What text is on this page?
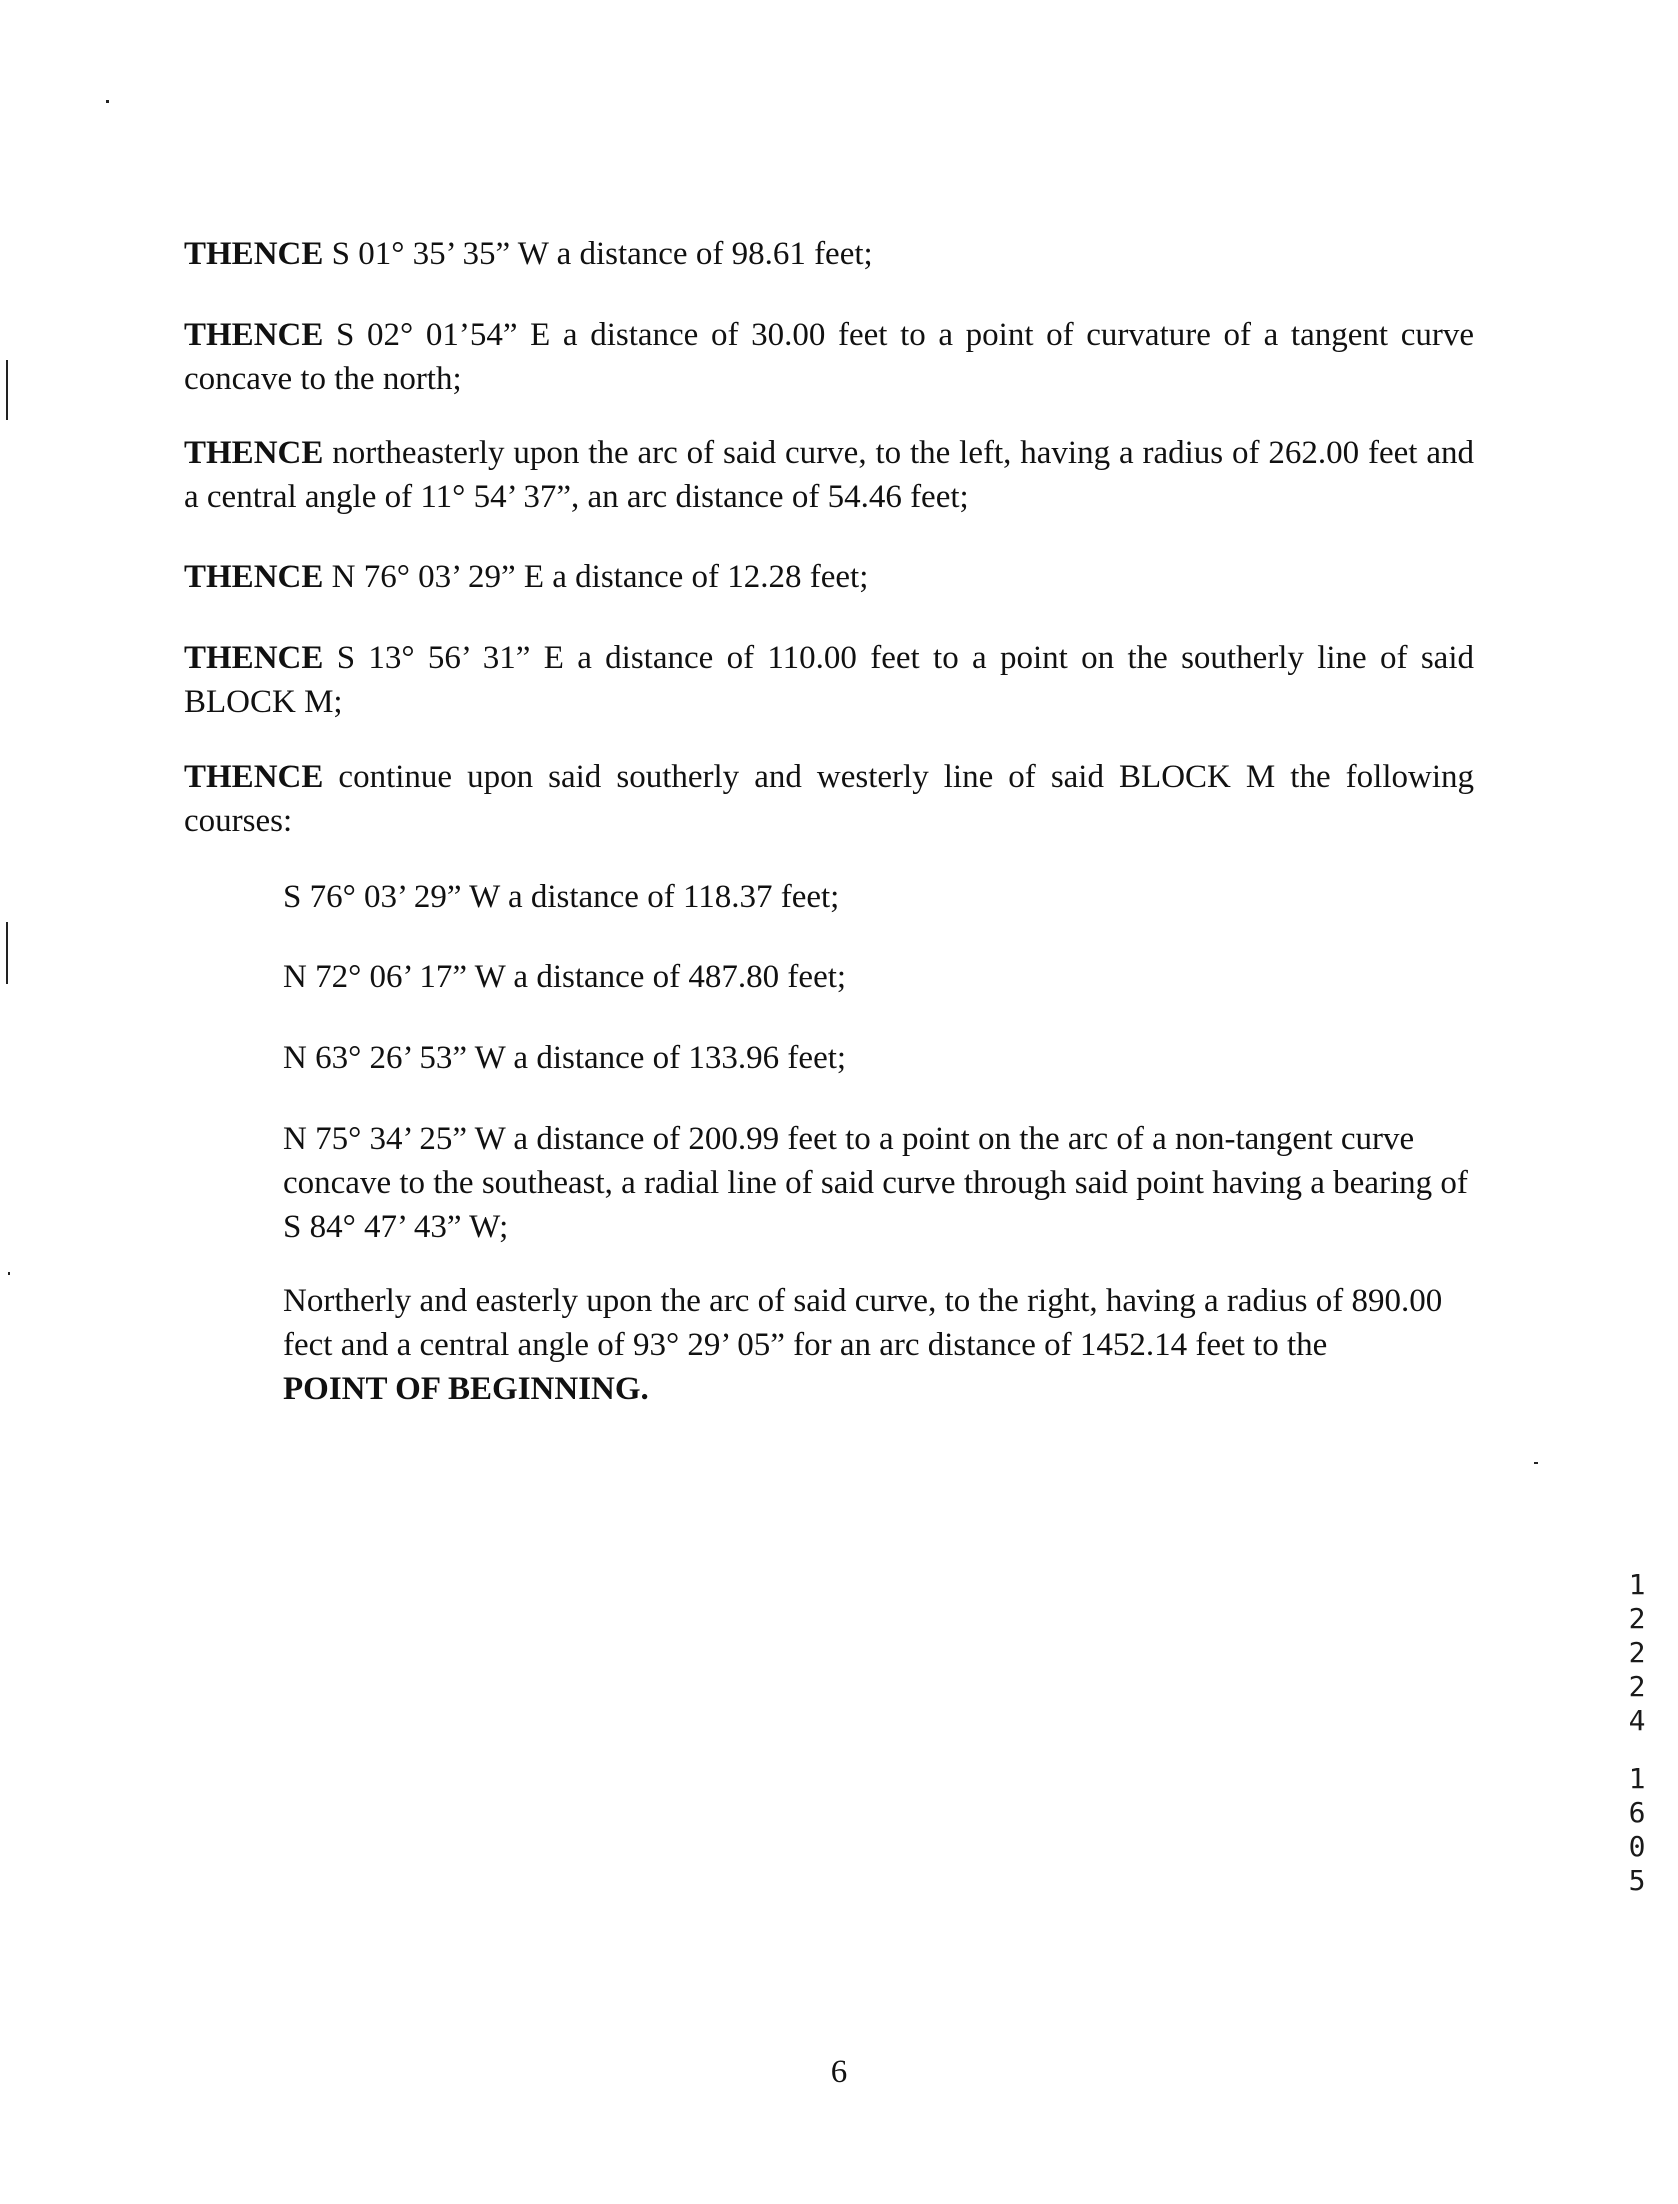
THENCE S 01° 35’ 35” W a distance of 98.61 feet;

THENCE S 02° 01’54” E a distance of 30.00 feet to a point of curvature of a tangent curve concave to the north;

THENCE northeasterly upon the arc of said curve, to the left, having a radius of 262.00 feet and a central angle of 11° 54’ 37”, an arc distance of 54.46 feet;

THENCE N 76° 03’ 29” E a distance of 12.28 feet;

THENCE S 13° 56’ 31” E a distance of 110.00 feet to a point on the southerly line of said BLOCK M;

THENCE continue upon said southerly and westerly line of said BLOCK M the following courses:

S 76° 03’ 29” W a distance of 118.37 feet;

N 72° 06’ 17” W a distance of 487.80 feet;

N 63° 26’ 53” W a distance of 133.96 feet;

N 75° 34’ 25” W a distance of 200.99 feet to a point on the arc of a non-tangent curve concave to the southeast, a radial line of said curve through said point having a bearing of S 84° 47’ 43” W;

Northerly and easterly upon the arc of said curve, to the right, having a radius of 890.00 fect and a central angle of 93° 29’ 05” for an arc distance of 1452.14 feet to the
POINT OF BEGINNING.

1
2
2
2
4
1
6
0
5
6
